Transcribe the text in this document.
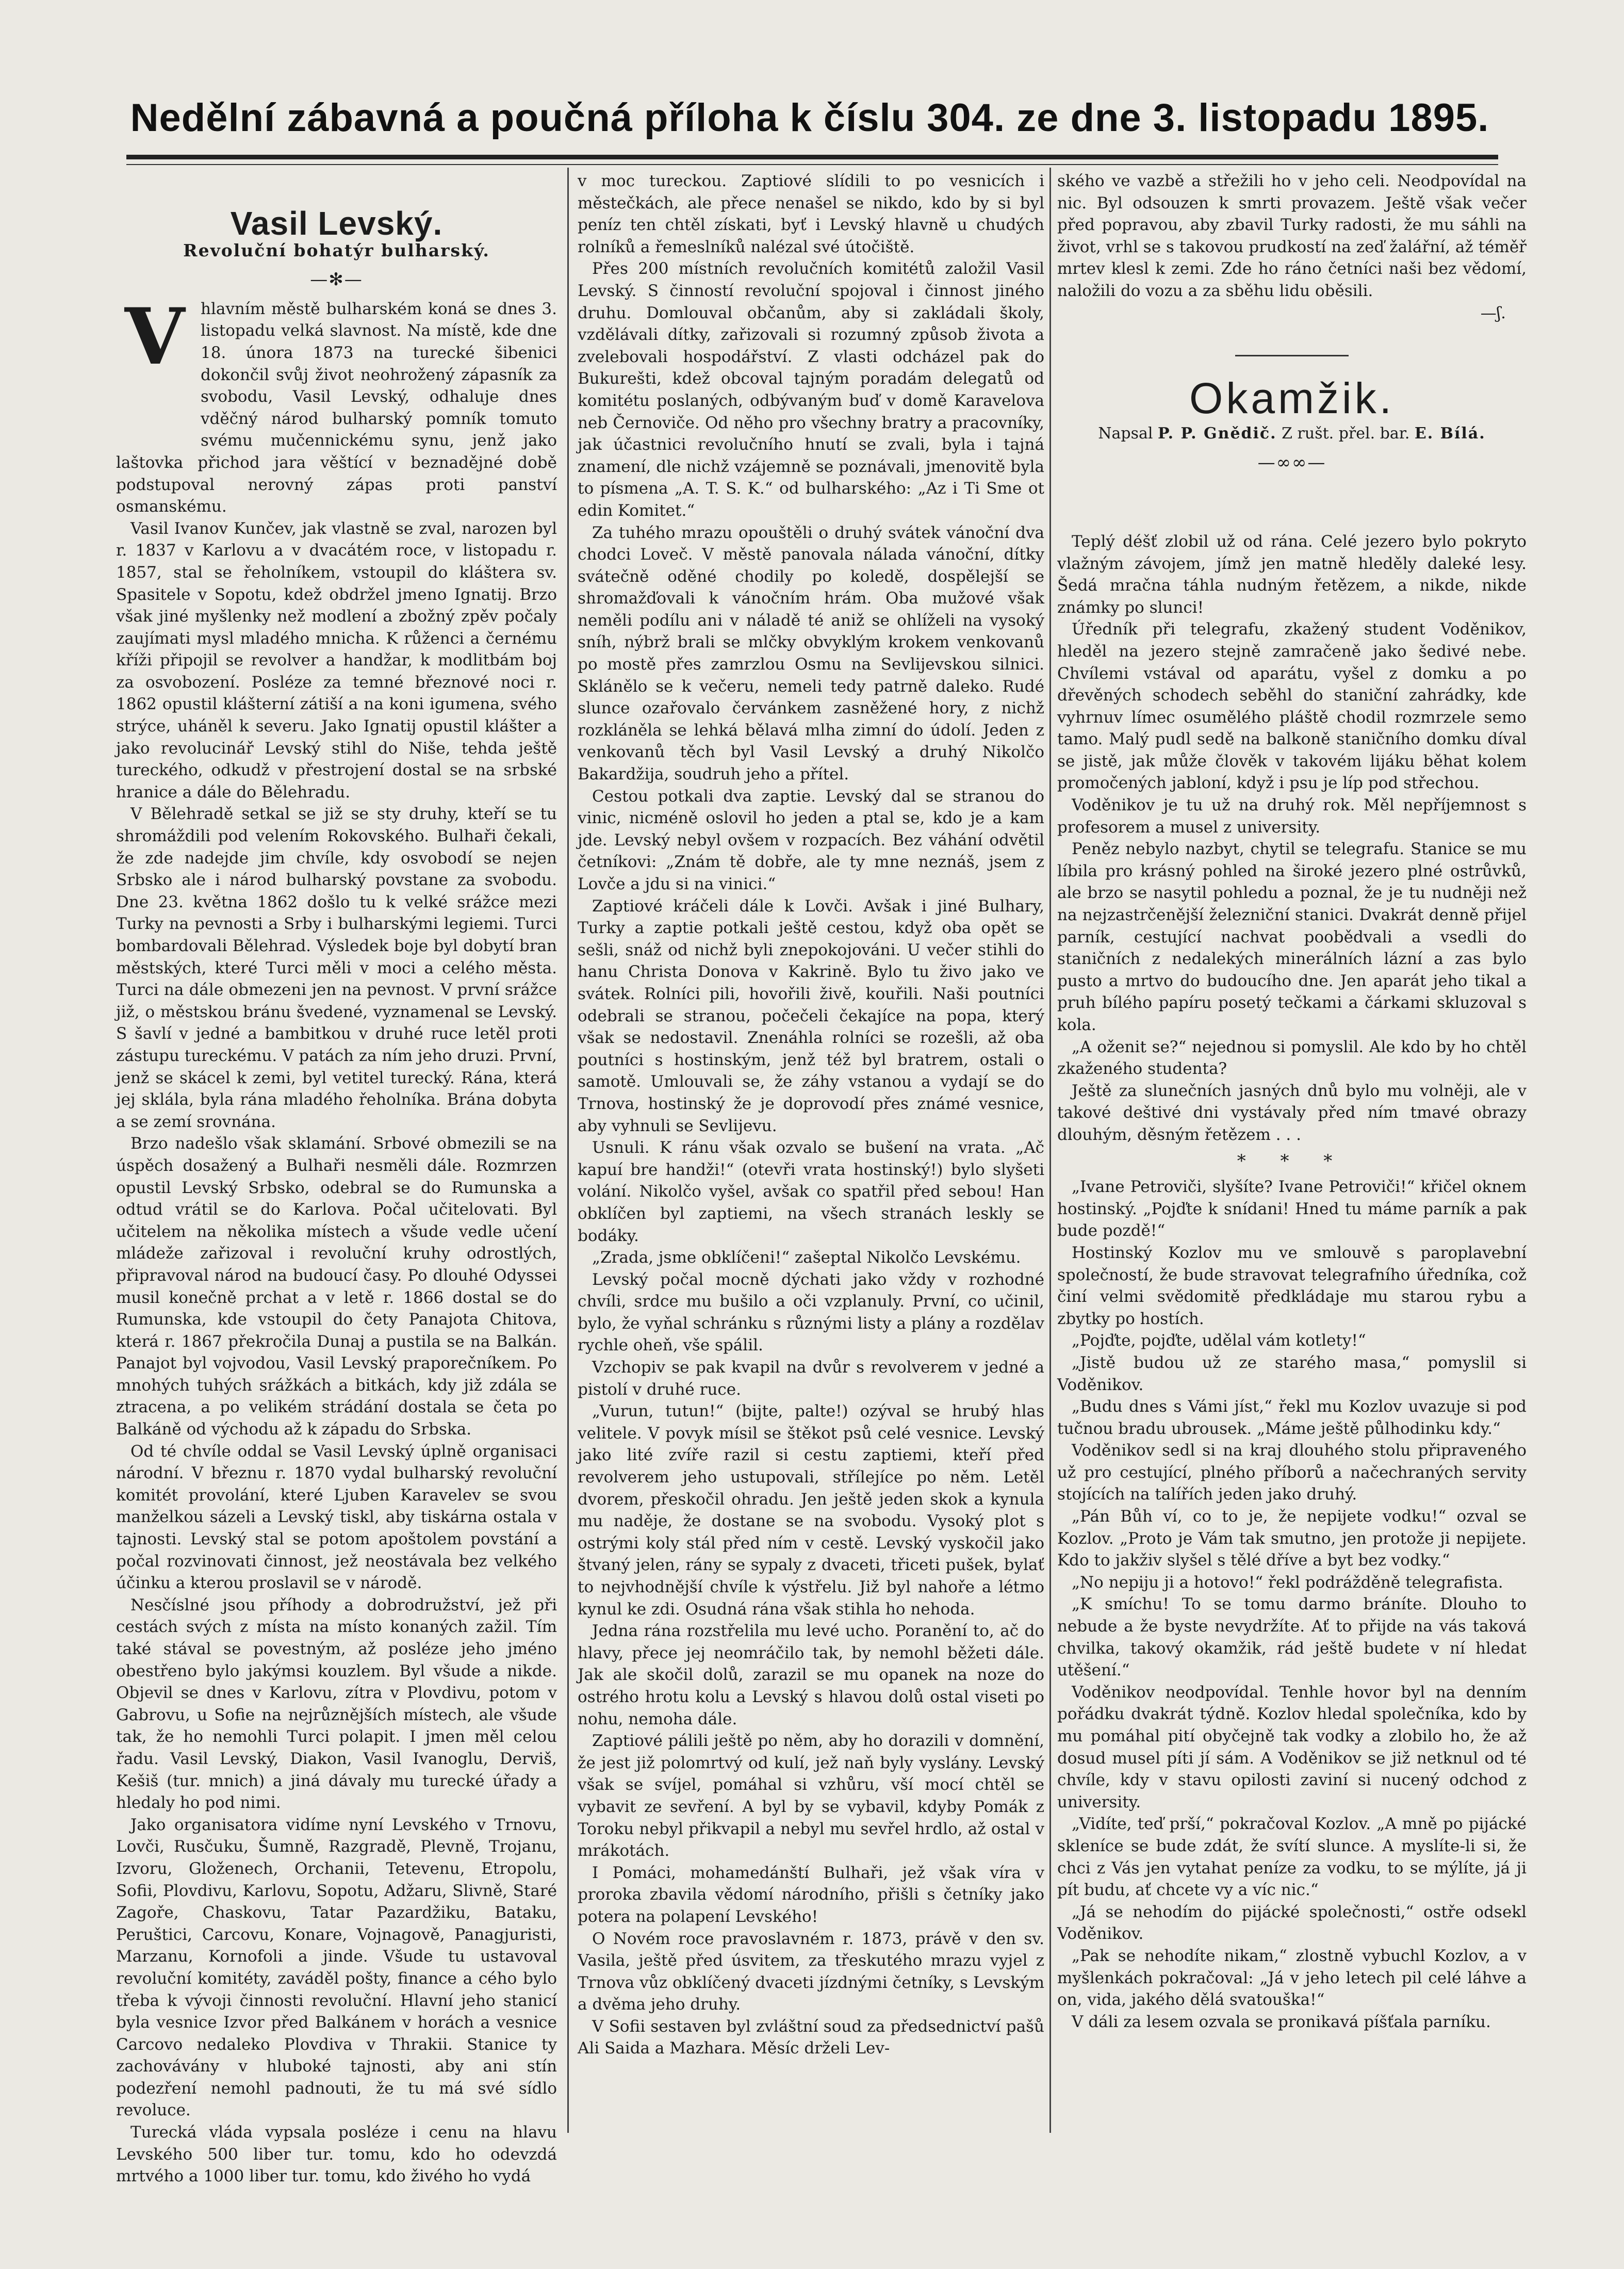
Nedělní zábavná a poučná příloha k číslu 304. ze dne 3. listopadu 1895.
Vasil Levský.
Revoluční bohatýr bulharský.
—✻—
V hlavním městě bulharském koná se dnes 3. listopadu velká slavnost. Na místě, kde dne 18. února 1873 na turecké šibenici dokončil svůj život neohrožený zápasník za svobodu, Vasil Levský, odhaluje dnes vděčný národ bulharský pomník tomuto svému mučennickému synu, jenž jako laštovka přichod jara věštící v beznadějné době podstupoval nerovný zápas proti panství osmanskému.

Vasil Ivanov Kunčev, jak vlastně se zval, narozen byl r. 1837 v Karlovu a v dvacátém roce, v listopadu r. 1857, stal se řeholníkem, vstoupil do kláštera sv. Spasitele v Sopotu, kdež obdržel jmeno Ignatij. Brzo však jiné myšlenky než modlení a zbožný zpěv počaly zaujímati mysl mladého mnicha. K růženci a černému kříži připojil se revolver a handžar, k modlitbám boj za osvobození. Posléze za temné březnové noci r. 1862 opustil klášterní zátiší a na koni igumena, svého strýce, uháněl k severu. Jako Ignatij opustil klášter a jako revolucinář Levský stihl do Niše, tehda ještě tureckého, odkudž v přestrojení dostal se na srbské hranice a dále do Bělehradu.

V Bělehradě setkal se již se sty druhy, kteří se tu shromáždili pod velením Rokovského. Bulhaři čekali, že zde nadejde jim chvíle, kdy osvobodí se nejen Srbsko ale i národ bulharský povstane za svobodu. Dne 23. května 1862 došlo tu k velké srážce mezi Turky na pevnosti a Srby i bulharskými legiemi. Turci bombardovali Bělehrad. Výsledek boje byl dobytí bran městských, které Turci měli v moci a celého města. Turci na dále obmezeni jen na pevnost. V první srážce již, o městskou bránu švedené, vyznamenal se Levský. S šavlí v jedné a bambitkou v druhé ruce letěl proti zástupu tureckému. V patách za ním jeho druzi. První, jenž se skácel k zemi, byl vetitel turecký. Rána, která jej sklála, byla rána mladého řeholníka. Brána dobyta a se zemí srovnána.

Brzo nadešlo však sklamání. Srbové obmezili se na úspěch dosažený a Bulhaři nesměli dále. Rozmrzen opustil Levský Srbsko, odebral se do Rumunska a odtud vrátil se do Karlova. Počal učitelovati. Byl učitelem na několika místech a všude vedle učení mládeže zařizoval i revoluční kruhy odrostlých, připravoval národ na budoucí časy. Po dlouhé Odyssei musil konečně prchat a v letě r. 1866 dostal se do Rumunska, kde vstoupil do čety Panajota Chitova, která r. 1867 překročila Dunaj a pustila se na Balkán. Panajot byl vojvodou, Vasil Levský praporečníkem. Po mnohých tuhých srážkách a bitkách, kdy již zdála se ztracena, a po velikém strádání dostala se četa po Balkáně od východu až k západu do Srbska.

Od té chvíle oddal se Vasil Levský úplně organisaci národní. V březnu r. 1870 vydal bulharský revoluční komitét provolání, které Ljuben Karavelev se svou manželkou sázeli a Levský tiskl, aby tiskárna ostala v tajnosti. Levský stal se potom apoštolem povstání a počal rozvinovati činnost, jež neostávala bez velkého účinku a kterou proslavil se v národě.

Nesčíslné jsou příhody a dobrodružství, jež při cestách svých z místa na místo konaných zažil. Tím také stával se povestným, až posléze jeho jméno obestřeno bylo jakýmsi kouzlem. Byl všude a nikde. Objevil se dnes v Karlovu, zítra v Plovdivu, potom v Gabrovu, u Sofie na nejrůznějších místech, ale všude tak, že ho nemohli Turci polapit. I jmen měl celou řadu. Vasil Levský, Diakon, Vasil Ivanoglu, Derviš, Kešiš (tur. mnich) a jiná dávaly mu turecké úřady a hledaly ho pod nimi.

Jako organisatora vidíme nyní Levského v Trnovu, Lovči, Rusčuku, Šumně, Razgradě, Plevně, Trojanu, Izvoru, Gloženech, Orchanii, Tetevenu, Etropolu, Sofii, Plovdivu, Karlovu, Sopotu, Adžaru, Slivně, Staré Zagoře, Chaskovu, Tatar Pazardžiku, Bataku, Peruštici, Carcovu, Konare, Vojnagově, Panagjuristi, Marzanu, Kornofoli a jinde. Všude tu ustavoval revoluční komitéty, zaváděl pošty, finance a cého bylo třeba k vývoji činnosti revoluční. Hlavní jeho stanicí byla vesnice Izvor před Balkánem v horách a vesnice Carcovo nedaleko Plovdiva v Thrakii. Stanice ty zachovávány v hluboké tajnosti, aby ani stín podezření nemohl padnouti, že tu má své sídlo revoluce.

Turecká vláda vypsala posléze i cenu na hlavu Levského 500 liber tur. tomu, kdo ho odevzdá mrtvého a 1000 liber tur. tomu, kdo živého ho vydá

v moc tureckou. Zaptiové slídili to po vesnicích i městečkách, ale přece nenašel se nikdo, kdo by si byl peníz ten chtěl získati, byť i Levský hlavně u chudých rolníků a řemeslníků nalézal své útočiště.

Přes 200 místních revolučních komitétů založil Vasil Levský. S činností revoluční spojoval i činnost jiného druhu. Domlouval občanům, aby si zakládali školy, vzdělávali dítky, zařizovali si rozumný způsob života a zvelebovali hospodářství. Z vlasti odcházel pak do Bukurešti, kdež obcoval tajným poradám delegatů od komitétu poslaných, odbývaným buď v domě Karavelova neb Černoviče. Od něho pro všechny bratry a pracovníky, jak účastnici revolučního hnutí se zvali, byla i tajná znamení, dle nichž vzájemně se poznávali, jmenovitě byla to písmena „A. T. S. K.“ od bulharského: „Az i Ti Sme ot edin Komitet.“

Za tuhého mrazu opouštěli o druhý svátek vánoční dva chodci Loveč. V městě panovala nálada vánoční, dítky svátečně oděné chodily po koledě, dospělejší se shromažďovali k vánočním hrám. Oba mužové však neměli podílu ani v náladě té aniž se ohlíželi na vysoký sníh, nýbrž brali se mlčky obvyklým krokem venkovanů po mostě přes zamrzlou Osmu na Sevlijevskou silnici. Sklánělo se k večeru, nemeli tedy patrně daleko. Rudé slunce ozařovalo červánkem zasněžené hory, z nichž rozkláněla se lehká bělavá mlha zimní do údolí. Jeden z venkovanů těch byl Vasil Levský a druhý Nikolčo Bakardžija, soudruh jeho a přítel.

Cestou potkali dva zaptie. Levský dal se stranou do vinic, nicméně oslovil ho jeden a ptal se, kdo je a kam jde. Levský nebyl ovšem v rozpacích. Bez váhání odvětil četníkovi: „Znám tě dobře, ale ty mne neznáš, jsem z Lovče a jdu si na vinici.“

Zaptiové kráčeli dále k Lovči. Avšak i jiné Bulhary, Turky a zaptie potkali ještě cestou, když oba opět se sešli, snáž od nichž byli znepokojováni. U večer stihli do hanu Christa Donova v Kakrině. Bylo tu živo jako ve svátek. Rolníci pili, hovořili živě, kouřili. Naši poutníci odebrali se stranou, počečeli čekajíce na popa, který však se nedostavil. Znenáhla rolníci se rozešli, až oba poutníci s hostinským, jenž též byl bratrem, ostali o samotě. Umlouvali se, že záhy vstanou a vydají se do Trnova, hostinský že je doprovodí přes známé vesnice, aby vyhnuli se Sevlijevu.

Usnuli. K ránu však ozvalo se bušení na vrata. „Ač kapuí bre handži!“ (otevři vrata hostinský!) bylo slyšeti volání. Nikolčo vyšel, avšak co spatřil před sebou! Han obklíčen byl zaptiemi, na všech stranách leskly se bodáky.

„Zrada, jsme obklíčeni!“ zašeptal Nikolčo Levskému.

Levský počal mocně dýchati jako vždy v rozhodné chvíli, srdce mu bušilo a oči vzplanuly. První, co učinil, bylo, že vyňal schránku s různými listy a plány a rozdělav rychle oheň, vše spálil.

Vzchopiv se pak kvapil na dvůr s revolverem v jedné a pistolí v druhé ruce.

„Vurun, tutun!“ (bijte, palte!) ozýval se hrubý hlas velitele. V povyk mísil se štěkot psů celé vesnice. Levský jako lité zvíře razil si cestu zaptiemi, kteří před revolverem jeho ustupovali, střílejíce po něm. Letěl dvorem, přeskočil ohradu. Jen ještě jeden skok a kynula mu naděje, že dostane se na svobodu. Vysoký plot s ostrými koly stál před ním v cestě. Levský vyskočil jako štvaný jelen, rány se sypaly z dvaceti, třiceti pušek, bylať to nejvhodnější chvíle k výstřelu. Již byl nahoře a létmo kynul ke zdi. Osudná rána však stihla ho nehoda.

Jedna rána rozstřelila mu levé ucho. Poranění to, ač do hlavy, přece jej neomráčilo tak, by nemohl běžeti dále. Jak ale skočil dolů, zarazil se mu opanek na noze do ostrého hrotu kolu a Levský s hlavou dolů ostal viseti po nohu, nemoha dále.

Zaptiové pálili ještě po něm, aby ho dorazili v domnění, že jest již polomrtvý od kulí, jež naň byly vyslány. Levský však se svíjel, pomáhal si vzhůru, vší mocí chtěl se vybavit ze sevření. A byl by se vybavil, kdyby Pomák z Toroku nebyl přikvapil a nebyl mu sevřel hrdlo, až ostal v mrákotách.

I Pomáci, mohamedánští Bulhaři, jež však víra v proroka zbavila vědomí národního, přišli s četníky jako potera na polapení Levského!

O Novém roce pravoslavném r. 1873, právě v den sv. Vasila, ještě před úsvitem, za třeskutého mrazu vyjel z Trnova vůz obklíčený dvaceti jízdnými četníky, s Levským a dvěma jeho druhy.

V Sofii sestaven byl zvláštní soud za předsednictví pašů Ali Saida a Mazhara. Měsíc drželi Lev-

ského ve vazbě a střežili ho v jeho celi. Neodpovídal na nic. Byl odsouzen k smrti provazem. Ještě však večer před popravou, aby zbavil Turky radosti, že mu sáhli na život, vrhl se s takovou prudkostí na zeď žalářní, až téměř mrtev klesl k zemi. Zde ho ráno četníci naši bez vědomí, naložili do vozu a za sběhu lidu oběsili.

—ʃ.
Okamžik.
Napsal P. P. Gnědič. Z rušt. přel. bar. E. Bílá.
—∞∞—

Teplý déšť zlobil už od rána. Celé jezero bylo pokryto vlažným závojem, jímž jen matně hleděly daleké lesy. Šedá mračna táhla nudným řetězem, a nikde, nikde známky po slunci!

Úředník při telegrafu, zkažený student Voděnikov, hleděl na jezero stejně zamračeně jako šedivé nebe. Chvílemi vstával od aparátu, vyšel z domku a po dřevěných schodech seběhl do staniční zahrádky, kde vyhrnuv límec osumělého pláště chodil rozmrzele semo tamo. Malý pudl sedě na balkoně staničního domku díval se jistě, jak může člověk v takovém lijáku běhat kolem promočených jabloní, když i psu je líp pod střechou.

Voděnikov je tu už na druhý rok. Měl nepříjemnost s profesorem a musel z university.

Peněz nebylo nazbyt, chytil se telegrafu. Stanice se mu líbila pro krásný pohled na široké jezero plné ostrůvků, ale brzo se nasytil pohledu a poznal, že je tu nudněji než na nejzastrčenější železniční stanici. Dvakrát denně přijel parník, cestující nachvat poobědvali a vsedli do staničních z nedalekých minerálních lázní a zas bylo pusto a mrtvo do budoucího dne. Jen aparát jeho tikal a pruh bílého papíru posetý tečkami a čárkami skluzoval s kola.

„A oženit se?“ nejednou si pomyslil. Ale kdo by ho chtěl zkaženého studenta?

Ještě za slunečních jasných dnů bylo mu volněji, ale v takové deštivé dni vystávaly před ním tmavé obrazy dlouhým, děsným řetězem . . .

* * *

„Ivane Petroviči, slyšíte? Ivane Petroviči!“ křičel oknem hostinský. „Pojďte k snídani! Hned tu máme parník a pak bude pozdě!“

Hostinský Kozlov mu ve smlouvě s paroplavební společností, že bude stravovat telegrafního úředníka, což činí velmi svědomitě předkládaje mu starou rybu a zbytky po hostích.

„Pojďte, pojďte, udělal vám kotlety!“

„Jistě budou už ze starého masa,“ pomyslil si Voděnikov.

„Budu dnes s Vámi jíst,“ řekl mu Kozlov uvazuje si pod tučnou bradu ubrousek. „Máme ještě půlhodinku kdy.“

Voděnikov sedl si na kraj dlouhého stolu připraveného už pro cestující, plného příborů a načechraných servity stojících na talířích jeden jako druhý.

„Pán Bůh ví, co to je, že nepijete vodku!“ ozval se Kozlov. „Proto je Vám tak smutno, jen protože ji nepijete. Kdo to jakživ slyšel s tělé dříve a byt bez vodky.“

„No nepiju ji a hotovo!“ řekl podrážděně telegrafista.

„K smíchu! To se tomu darmo bráníte. Dlouho to nebude a že byste nevydržíte. Ať to přijde na vás taková chvilka, takový okamžik, rád ještě budete v ní hledat utěšení.“

Voděnikov neodpovídal. Tenhle hovor byl na denním pořádku dvakrát týdně. Kozlov hledal společníka, kdo by mu pomáhal pití obyčejně tak vodky a zlobilo ho, že až dosud musel píti jí sám. A Voděnikov se již netknul od té chvíle, kdy v stavu opilosti zaviní si nucený odchod z university.

„Vidíte, teď prší,“ pokračoval Kozlov. „A mně po pijácké skleníce se bude zdát, že svítí slunce. A myslíte-li si, že chci z Vás jen vytahat peníze za vodku, to se mýlíte, já ji pít budu, ať chcete vy a víc nic.“

„Já se nehodím do pijácké společnosti,“ ostře odsekl Voděnikov.

„Pak se nehodíte nikam,“ zlostně vybuchl Kozlov, a v myšlenkách pokračoval: „Já v jeho letech pil celé láhve a on, vida, jakého dělá svatouška!“

V dáli za lesem ozvala se pronikavá píšťala parníku.
